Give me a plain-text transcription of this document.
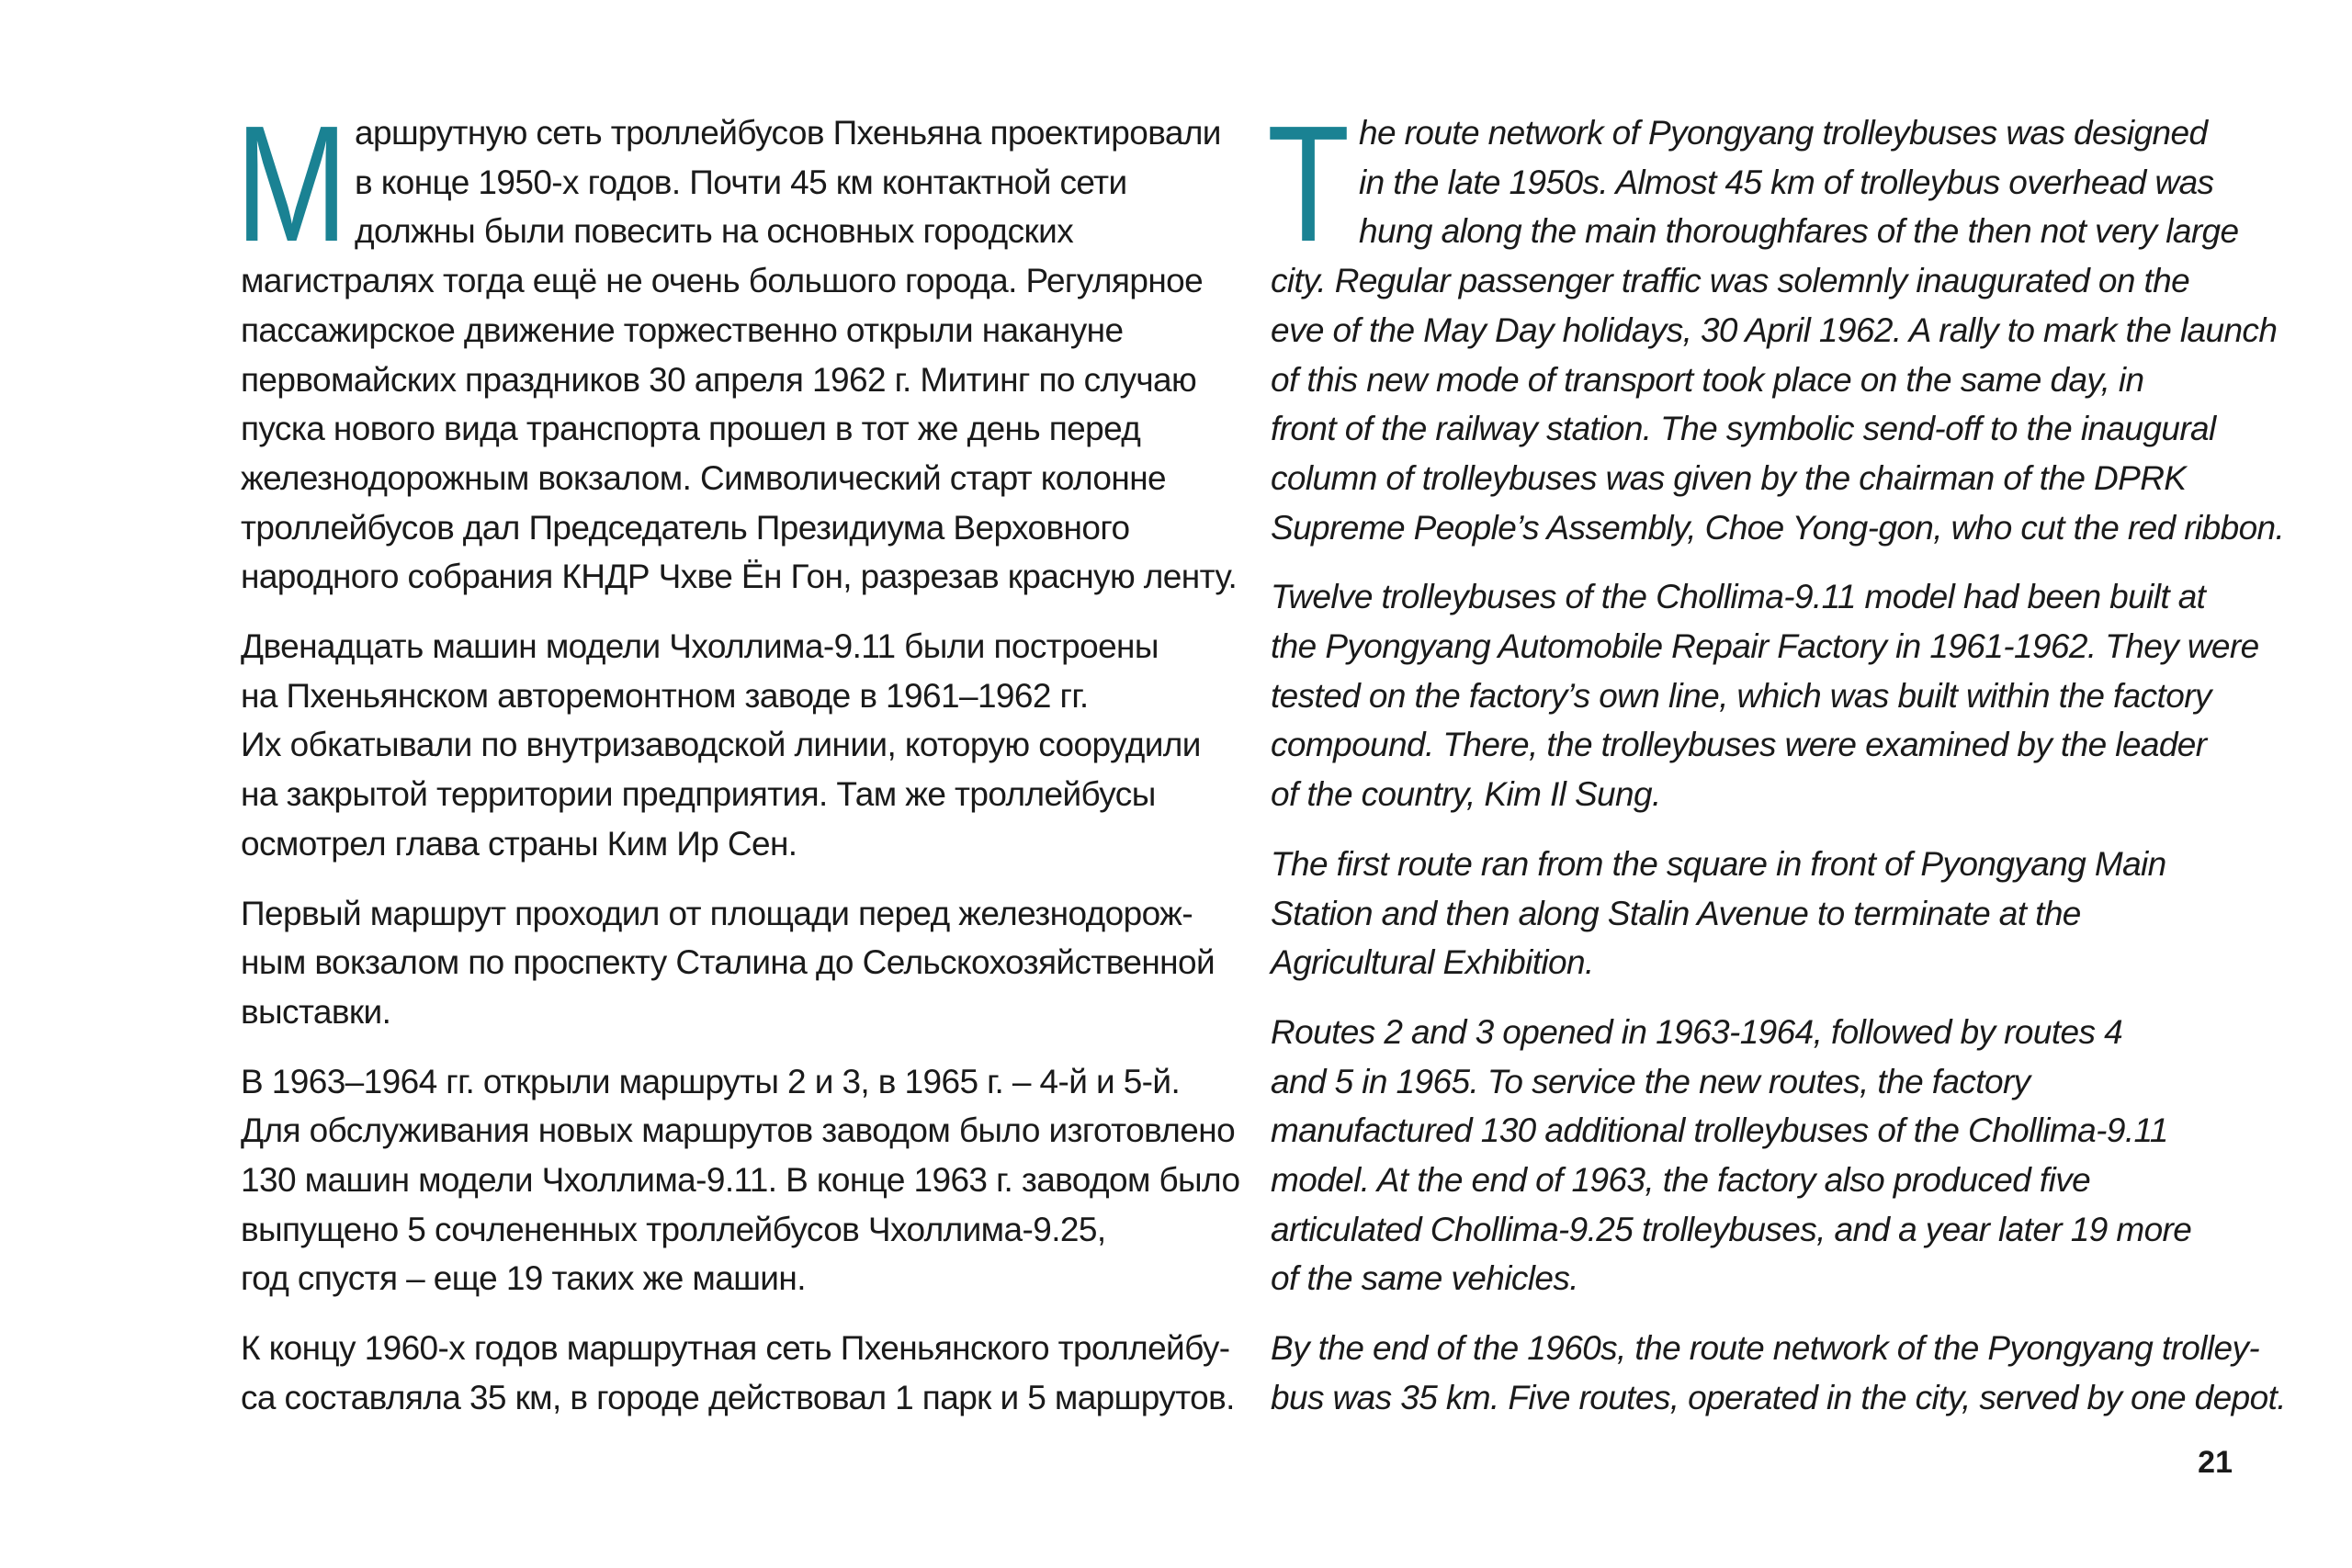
М аршрутную сеть троллейбусов Пхеньяна проектировали
в конце 1950-х годов. Почти 45 км контактной сети
должны были повесить на основных городских
магистралях тогда ещё не очень большого города. Регулярное
пассажирское движение торжественно открыли накануне
первомайских праздников 30 апреля 1962 г. Митинг по случаю
пуска нового вида транспорта прошел в тот же день перед
железнодорожным вокзалом. Символический старт колонне
троллейбусов дал Председатель Президиума Верховного
народного собрания КНДР Чхве Ён Гон, разрезав красную ленту.

Двенадцать машин модели Чхоллима-9.11 были построены
на Пхеньянском авторемонтном заводе в 1961–1962 гг.
Их обкатывали по внутризаводской линии, которую соорудили
на закрытой территории предприятия. Там же троллейбусы
осмотрел глава страны Ким Ир Сен.

Первый маршрут проходил от площади перед железнодорож-
ным вокзалом по проспекту Сталина до Сельскохозяйственной
выставки.

В 1963–1964 гг. открыли маршруты 2 и 3, в 1965 г. – 4-й и 5-й.
Для обслуживания новых маршрутов заводом было изготовлено
130 машин модели Чхоллима-9.11. В конце 1963 г. заводом было
выпущено 5 сочлененных троллейбусов Чхоллима-9.25,
год спустя – еще 19 таких же машин.

К концу 1960-х годов маршрутная сеть Пхеньянского троллейбу-
са составляла 35 км, в городе действовал 1 парк и 5 маршрутов.

T he route network of Pyongyang trolleybuses was designed
in the late 1950s. Almost 45 km of trolleybus overhead was
hung along the main thoroughfares of the then not very large
city. Regular passenger traffic was solemnly inaugurated on the
eve of the May Day holidays, 30 April 1962. A rally to mark the launch
of this new mode of transport took place on the same day, in
front of the railway station. The symbolic send-off to the inaugural
column of trolleybuses was given by the chairman of the DPRK
Supreme People’s Assembly, Choe Yong-gon, who cut the red ribbon.

Twelve trolleybuses of the Chollima-9.11 model had been built at
the Pyongyang Automobile Repair Factory in 1961-1962. They were
tested on the factory’s own line, which was built within the factory
compound. There, the trolleybuses were examined by the leader
of the country, Kim Il Sung.

The first route ran from the square in front of Pyongyang Main
Station and then along Stalin Avenue to terminate at the
Agricultural Exhibition.

Routes 2 and 3 opened in 1963-1964, followed by routes 4
and 5 in 1965. To service the new routes, the factory
manufactured 130 additional trolleybuses of the Chollima-9.11
model. At the end of 1963, the factory also produced five
articulated Chollima-9.25 trolleybuses, and a year later 19 more
of the same vehicles.

By the end of the 1960s, the route network of the Pyongyang trolley-
bus was 35 km. Five routes, operated in the city, served by one depot.

21
